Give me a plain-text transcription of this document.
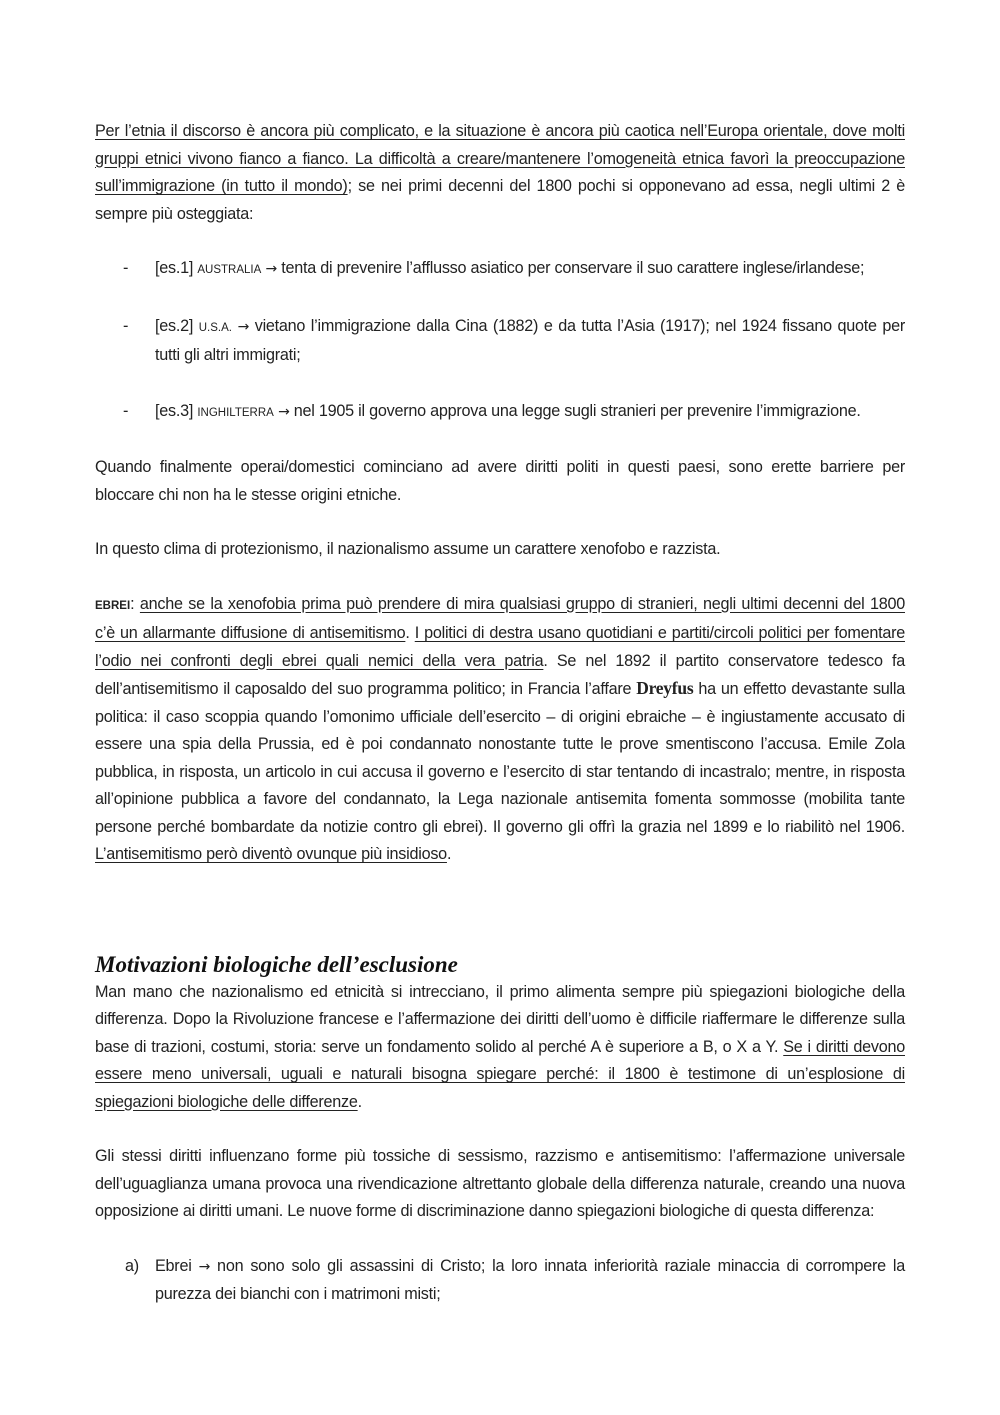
Per l’etnia il discorso è ancora più complicato, e la situazione è ancora più caotica nell’Europa orientale, dove molti gruppi etnici vivono fianco a fianco. La difficoltà a creare/mantenere l’omogeneità etnica favorì la preoccupazione sull’immigrazione (in tutto il mondo); se nei primi decenni del 1800 pochi si opponevano ad essa, negli ultimi 2 è sempre più osteggiata:

- [es.1] AUSTRALIA → tenta di prevenire l’afflusso asiatico per conservare il suo carattere inglese/irlandese;
- [es.2] U.S.A. → vietano l’immigrazione dalla Cina (1882) e da tutta l’Asia (1917); nel 1924 fissano quote per tutti gli altri immigrati;
- [es.3] INGHILTERRA → nel 1905 il governo approva una legge sugli stranieri per prevenire l’immigrazione.

Quando finalmente operai/domestici cominciano ad avere diritti politi in questi paesi, sono erette barriere per bloccare chi non ha le stesse origini etniche.

In questo clima di protezionismo, il nazionalismo assume un carattere xenofobo e razzista.

EBREI: anche se la xenofobia prima può prendere di mira qualsiasi gruppo di stranieri, negli ultimi decenni del 1800 c’è un allarmante diffusione di antisemitismo. I politici di destra usano quotidiani e partiti/circoli politici per fomentare l’odio nei confronti degli ebrei quali nemici della vera patria. Se nel 1892 il partito conservatore tedesco fa dell’antisemitismo il caposaldo del suo programma politico; in Francia l’affare Dreyfus ha un effetto devastante sulla politica: il caso scoppia quando l’omonimo ufficiale dell’esercito – di origini ebraiche – è ingiustamente accusato di essere una spia della Prussia, ed è poi condannato nonostante tutte le prove smentiscono l’accusa. Emile Zola pubblica, in risposta, un articolo in cui accusa il governo e l’esercito di star tentando di incastralo; mentre, in risposta all’opinione pubblica a favore del condannato, la Lega nazionale antisemita fomenta sommosse (mobilita tante persone perché bombardate da notizie contro gli ebrei). Il governo gli offrì la grazia nel 1899 e lo riabilitò nel 1906. L’antisemitismo però diventò ovunque più insidioso.

Motivazioni biologiche dell’esclusione

Man mano che nazionalismo ed etnicità si intrecciano, il primo alimenta sempre più spiegazioni biologiche della differenza. Dopo la Rivoluzione francese e l’affermazione dei diritti dell’uomo è difficile riaffermare le differenze sulla base di trazioni, costumi, storia: serve un fondamento solido al perché A è superiore a B, o X a Y. Se i diritti devono essere meno universali, uguali e naturali bisogna spiegare perché: il 1800 è testimone di un’esplosione di spiegazioni biologiche delle differenze.

Gli stessi diritti influenzano forme più tossiche di sessismo, razzismo e antisemitismo: l’affermazione universale dell’uguaglianza umana provoca una rivendicazione altrettanto globale della differenza naturale, creando una nuova opposizione ai diritti umani. Le nuove forme di discriminazione danno spiegazioni biologiche di questa differenza:

a) Ebrei → non sono solo gli assassini di Cristo; la loro innata inferiorità raziale minaccia di corrompere la purezza dei bianchi con i matrimoni misti;
